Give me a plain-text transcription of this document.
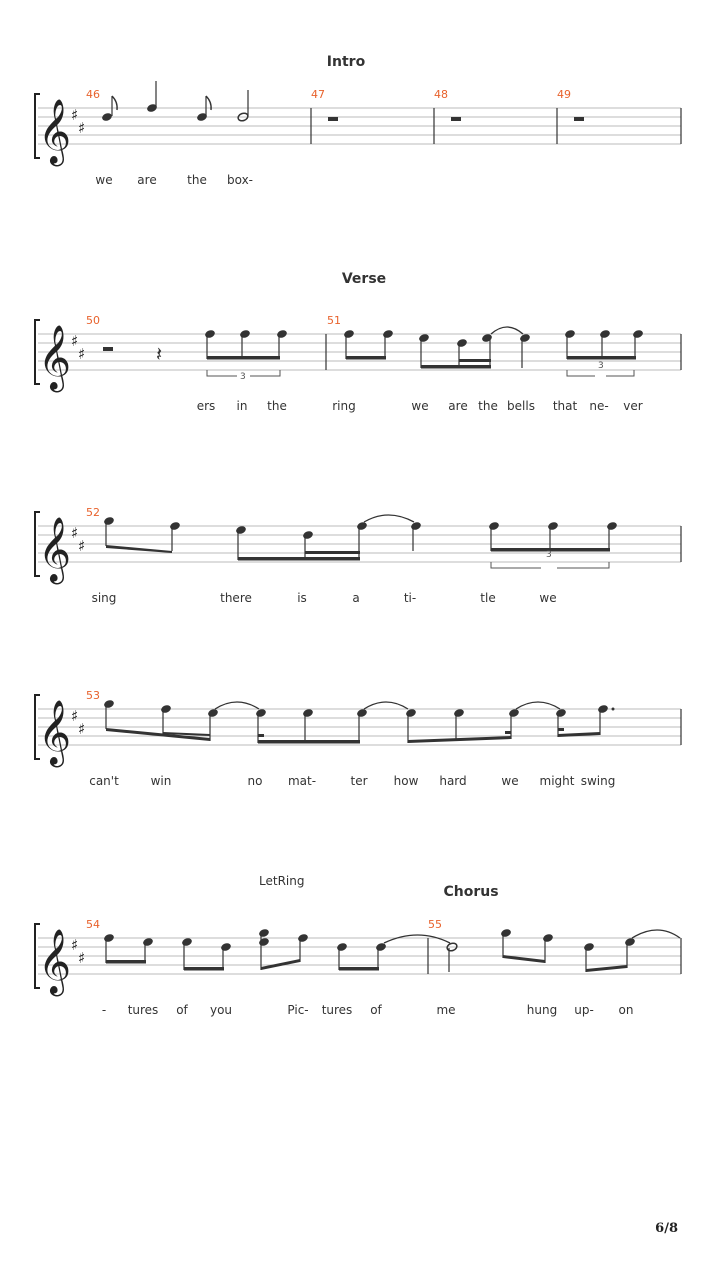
Intro
Verse
Chorus
LetRing
𝄞 ♯
♯
46	47	48	49
we are	the box-
𝄞 ♯
♯	𝄽
3
3
50	51
ers in the	ring	we are the bells that ne- ver
𝄞 ♯
♯	3
52
sing	there	is	a	ti-	tle	we
𝄞 ♯
♯
53
can't	win	no mat-	ter how hard	we might swing
𝄞 ♯
♯
54	55
- tures of you	Pic- tures of	me	hung up- on
6/8
